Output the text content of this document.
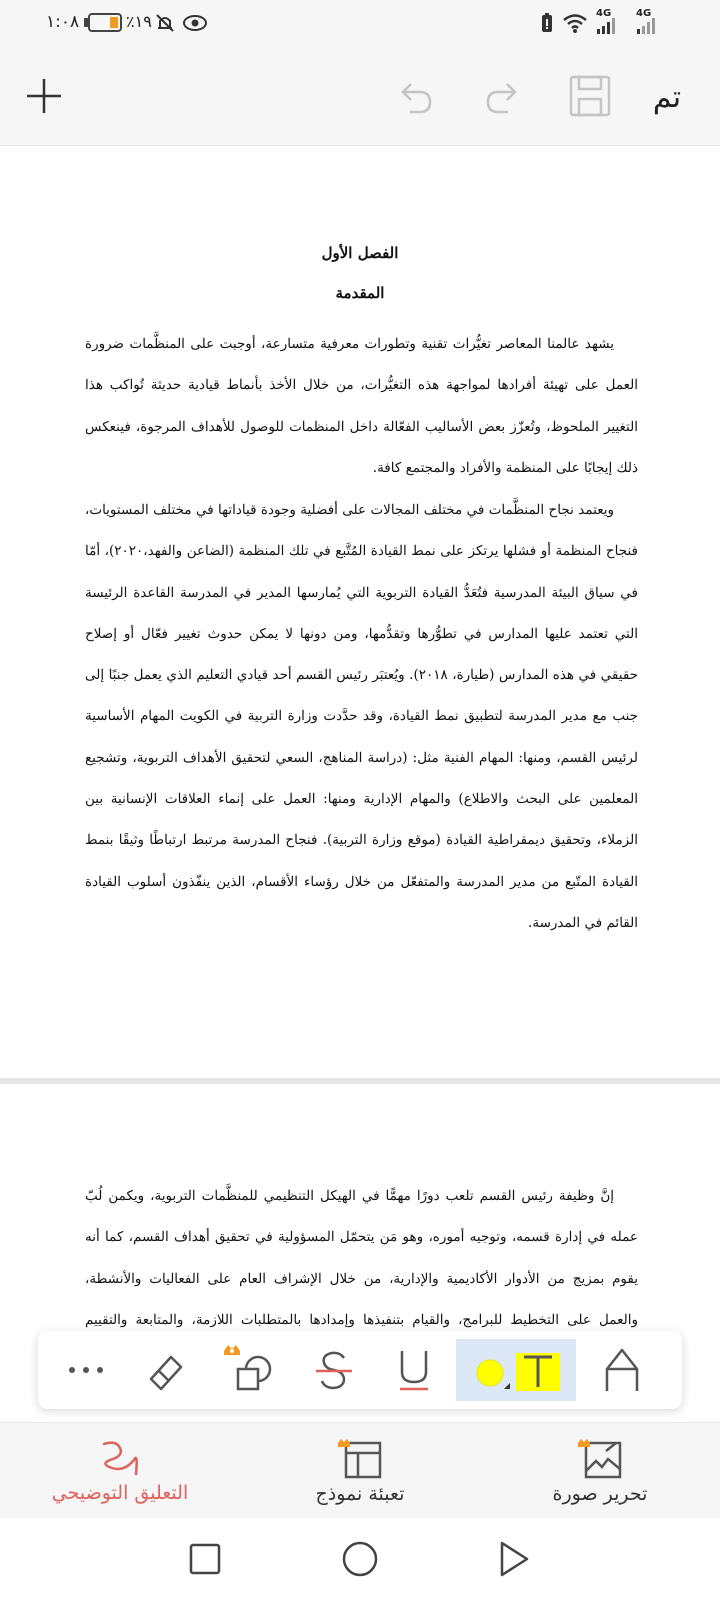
١:٠٨	٪١٩	4G 4G
تم
الفصل الأول
المقدمة
يشهد عالمنا المعاصر تغيُّرات تقنية وتطورات معرفية متسارعة، أوجبت على المنظَّمات ضرورة العمل على تهيئة أفرادها لمواجهة هذه التغيُّرات، من خلال الأخذ بأنماط قيادية حديثة تُواكب هذا التغيير الملحوظ، وتُعزّز بعض الأساليب الفعّالة داخل المنظمات للوصول للأهداف المرجوة، فينعكس ذلك إيجابًا على المنظمة والأفراد والمجتمع كافة.
ويعتمد نجاح المنظَّمات في مختلف المجالات على أفضلية وجودة قياداتها في مختلف المستويات، فنجاح المنظمة أو فشلها يرتكز على نمط القيادة المُتَّبع في تلك المنظمة (الضاعن والفهد،٢٠٢٠)، أمّا في سياق البيئة المدرسية فتُعَدُّ القيادة التربوية التي يُمارسها المدير في المدرسة القاعدة الرئيسة التي تعتمد عليها المدارس في تطوُّرها وتقدُّمها، ومن دونها لا يمكن حدوث تغيير فعّال أو إصلاح حقيقي في هذه المدارس (طيارة، ٢٠١٨). ويُعتبَر رئيس القسم أحد قيادي التعليم الذي يعمل جنبًا إلى جنب مع مدير المدرسة لتطبيق نمط القيادة، وقد حدَّدت وزارة التربية في الكويت المهام الأساسية لرئيس القسم، ومنها: المهام الفنية مثل: (دراسة المناهج، السعي لتحقيق الأهداف التربوية، وتشجيع المعلمين على البحث والاطلاع) والمهام الإدارية ومنها: العمل على إنماء العلاقات الإنسانية بين الزملاء، وتحقيق ديمقراطية القيادة (موقع وزارة التربية). فنجاح المدرسة مرتبط ارتباطًا وثيقًا بنمط القيادة المتّبع من مدير المدرسة والمتفعّل من خلال رؤساء الأقسام، الذين ينفّذون أسلوب القيادة القائم في المدرسة.
إنَّ وظيفة رئيس القسم تلعب دورًا مهمًّا في الهيكل التنظيمي للمنظَّمات التربوية، ويكمن لُبّ عمله في إدارة قسمه، وتوجيه أموره، وهو مَن يتحمّل المسؤولية في تحقيق أهداف القسم، كما أنه يقوم بمزيج من الأدوار الأكاديمية والإدارية، من خلال الإشراف العام على الفعاليات والأنشطة، والعمل على التخطيط للبرامج، والقيام بتنفيذها وإمدادها بالمتطلبات اللازمة، والمتابعة والتقييم
التعليق التوضيحي	تعبئة نموذج	تحرير صورة
